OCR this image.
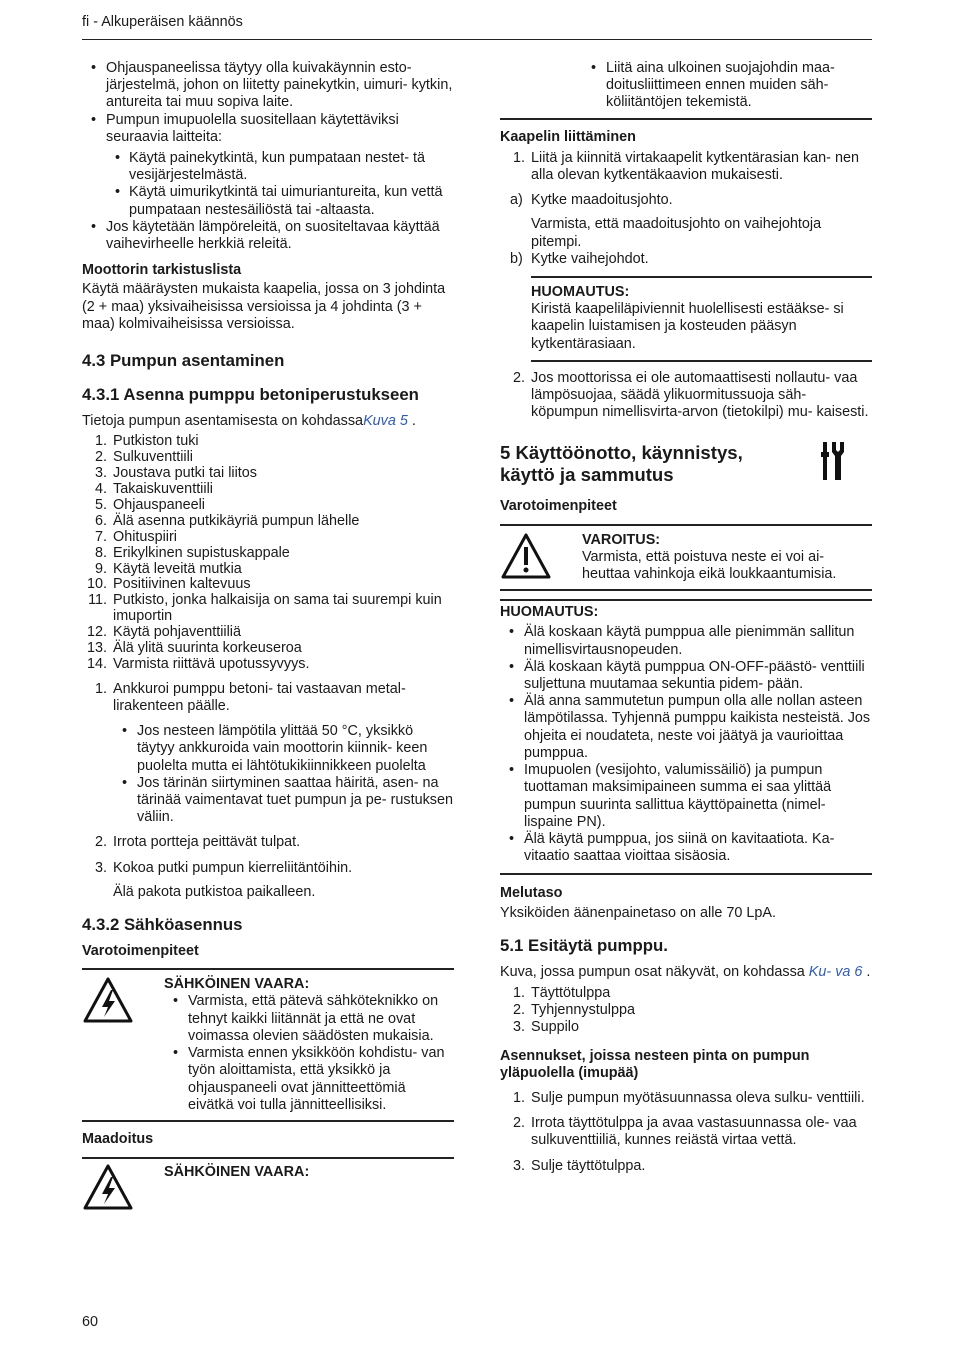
fi - Alkuperäisen käännös
• Ohjauspaneelissa täytyy olla kuivakäynnin esto- järjestelmä, johon on liitetty painekytkin, uimuri- kytkin, antureita tai muu sopiva laite.
• Pumpun imupuolella suositellaan käytettäviksi seuraavia laitteita:
• Käytä painekytkintä, kun pumpataan nestet- tä vesijärjestelmästä.
• Käytä uimurikytkintä tai uimuriantureita, kun vettä pumpataan nestesäiliöstä tai -altaasta.
• Jos käytetään lämpöreleitä, on suositeltavaa käyttää vaihevirheelle herkkiä releitä.
Moottorin tarkistuslista

Käytä määräysten mukaista kaapelia, jossa on 3 johdinta (2 + maa) yksivaiheisissa versioissa ja 4 johdinta (3 + maa) kolmivaiheisissa versioissa.

4.3 Pumpun asentaminen
4.3.1 Asenna pumppu betoniperustukseen

Tietoja pumpun asentamisesta on kohdassaKuva 5 .

1. Putkiston tuki
2. Sulkuventtiili
3. Joustava putki tai liitos
4. Takaiskuventtiili
5. Ohjauspaneeli
6. Älä asenna putkikäyriä pumpun lähelle
7. Ohituspiiri
8. Erikylkinen supistuskappale
9. Käytä leveitä mutkia
10. Positiivinen kaltevuus
11. Putkisto, jonka halkaisija on sama tai suurempi kuin imuportin
12. Käytä pohjaventtiiliä
13. Älä ylitä suurinta korkeuseroa
14. Varmista riittävä upotussyvyys.
1. Ankkuroi pumppu betoni- tai vastaavan metal- lirakenteen päälle.
• Jos nesteen lämpötila ylittää 50 °C, yksikkö täytyy ankkuroida vain moottorin kiinnik- keen puolelta mutta ei lähtötukikiinnikkeen puolelta
• Jos tärinän siirtyminen saattaa häiritä, asen- na tärinää vaimentavat tuet pumpun ja pe- rustuksen väliin.
2. Irrota portteja peittävät tulpat.
3. Kokoa putki pumpun kierreliitäntöihin.

Älä pakota putkistoa paikalleen.

4.3.2 Sähköasennus
Varotoimenpiteet
SÄHKÖINEN VAARA:
• Varmista, että pätevä sähköteknikko on tehnyt kaikki liitännät ja että ne ovat voimassa olevien säädösten mukaisia.
• Varmista ennen yksikköön kohdistu- van työn aloittamista, että yksikkö ja ohjauspaneeli ovat jännitteettömiä eivätkä voi tulla jännitteellisiksi.
Maadoitus
SÄHKÖINEN VAARA:
• Liitä aina ulkoinen suojajohdin maa- doitusliittimeen ennen muiden säh- köliitäntöjen tekemistä.
Kaapelin liittäminen
1. Liitä ja kiinnitä virtakaapelit kytkentärasian kan- nen alla olevan kytkentäkaavion mukaisesti.
a) Kytke maadoitusjohto.

Varmista, että maadoitusjohto on vaihejohtoja pitempi.

b) Kytke vaihejohdot.
HUOMAUTUS:

Kiristä kaapeliläpiviennit huolellisesti estääkse- si kaapelin luistamisen ja kosteuden pääsyn kytkentärasiaan.

2. Jos moottorissa ei ole automaattisesti nollautu- vaa lämpösuojaa, säädä ylikuormitussuoja säh- köpumpun nimellisvirta-arvon (tietokilpi) mu- kaisesti.
5 Käyttöönotto, käynnistys,
käyttö ja sammutus
Varotoimenpiteet
VAROITUS:

Varmista, että poistuva neste ei voi ai- heuttaa vahinkoja eikä loukkaantumisia.

HUOMAUTUS:
• Älä koskaan käytä pumppua alle pienimmän sallitun nimellisvirtausnopeuden.
• Älä koskaan käytä pumppua ON-OFF-päästö- venttiili suljettuna muutamaa sekuntia pidem- pään.
• Älä anna sammutetun pumpun olla alle nollan asteen lämpötilassa. Tyhjennä pumppu kaikista nesteistä. Jos ohjeita ei noudateta, neste voi jäätyä ja vaurioittaa pumppua.
• Imupuolen (vesijohto, valumissäiliö) ja pumpun tuottaman maksimipaineen summa ei saa ylittää pumpun suurinta sallittua käyttöpainetta (nimel- lispaine PN).
• Älä käytä pumppua, jos siinä on kavitaatiota. Ka- vitaatio saattaa vioittaa sisäosia.
Melutaso

Yksiköiden äänenpainetaso on alle 70 LpA.

5.1 Esitäytä pumppu.

Kuva, jossa pumpun osat näkyvät, on kohdassa Ku- va 6 .

1. Täyttötulppa
2. Tyhjennystulppa
3. Suppilo
Asennukset, joissa nesteen pinta on pumpun yläpuolella (imupää)
1. Sulje pumpun myötäsuunnassa oleva sulku- venttiili.
2. Irrota täyttötulppa ja avaa vastasuunnassa ole- vaa sulkuventtiiliä, kunnes reiästä virtaa vettä.
3. Sulje täyttötulppa.
60
